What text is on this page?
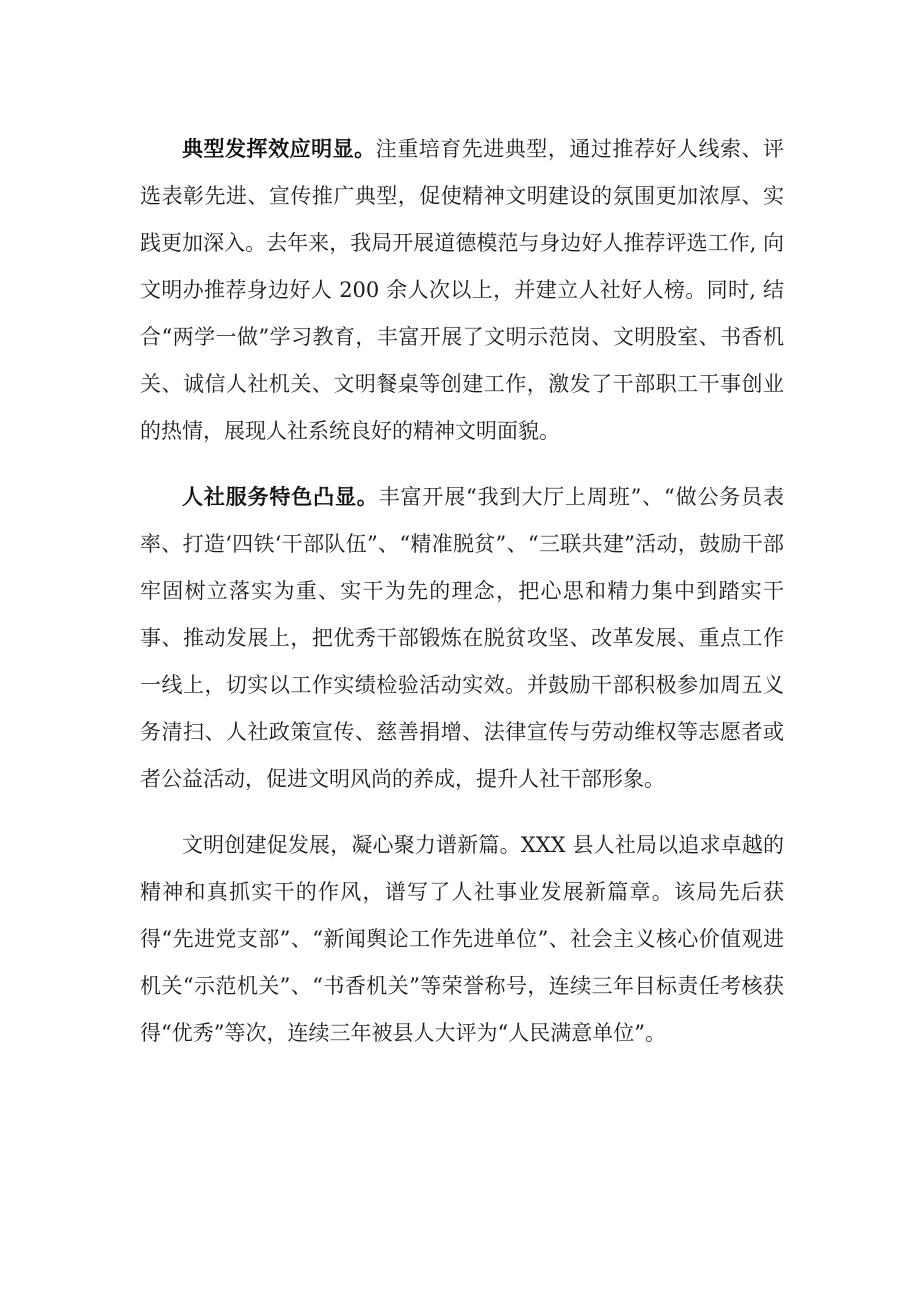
典型发挥效应明显。注重培育先进典型，通过推荐好人线索、评选表彰先进、宣传推广典型，促使精神文明建设的氛围更加浓厚、实践更加深入。去年来，我局开展道德模范与身边好人推荐评选工作, 向文明办推荐身边好人 200 余人次以上，并建立人社好人榜。同时, 结合“两学一做”学习教育，丰富开展了文明示范岗、文明股室、书香机关、诚信人社机关、文明餐桌等创建工作，激发了干部职工干事创业的热情，展现人社系统良好的精神文明面貌。

人社服务特色凸显。丰富开展“我到大厅上周班”、“做公务员表率、打造‘四铁‘干部队伍”、“精准脱贫”、“三联共建”活动，鼓励干部牢固树立落实为重、实干为先的理念，把心思和精力集中到踏实干事、推动发展上，把优秀干部锻炼在脱贫攻坚、改革发展、重点工作一线上，切实以工作实绩检验活动实效。并鼓励干部积极参加周五义务清扫、人社政策宣传、慈善捐增、法律宣传与劳动维权等志愿者或者公益活动，促进文明风尚的养成，提升人社干部形象。

文明创建促发展，凝心聚力谱新篇。XXX 县人社局以追求卓越的精神和真抓实干的作风，谱写了人社事业发展新篇章。该局先后获得“先进党支部”、“新闻舆论工作先进单位”、社会主义核心价值观进机关“示范机关”、“书香机关”等荣誉称号，连续三年目标责任考核获得“优秀”等次，连续三年被县人大评为“人民满意单位”。
